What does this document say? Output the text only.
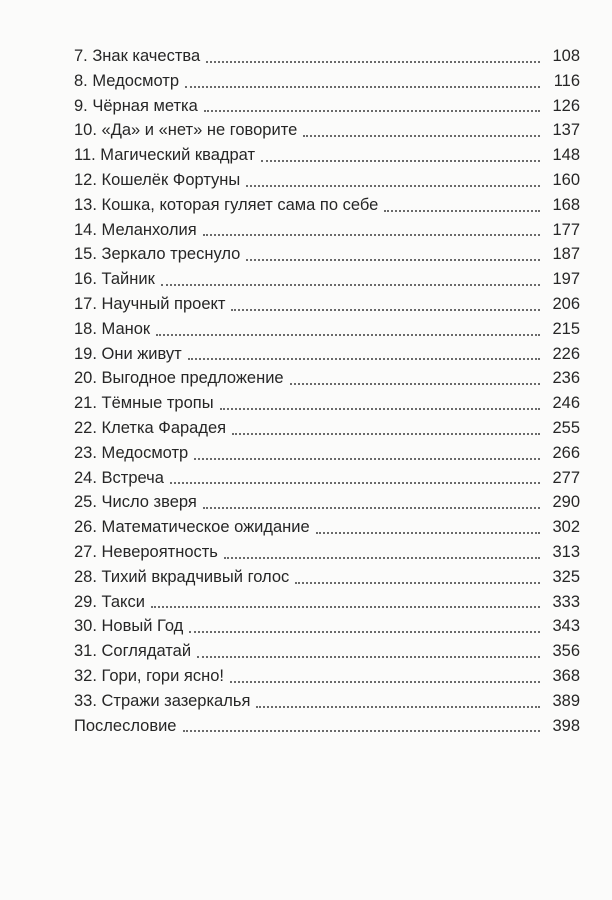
7. Знак качества	108
8. Медосмотр	116
9. Чёрная метка	126
10. «Да» и «нет» не говорите	137
11. Магический квадрат	148
12. Кошелёк Фортуны	160
13. Кошка, которая гуляет сама по себе	168
14. Меланхолия	177
15. Зеркало треснуло	187
16. Тайник	197
17. Научный проект	206
18. Манок	215
19. Они живут	226
20. Выгодное предложение	236
21. Тёмные тропы	246
22. Клетка Фарадея	255
23. Медосмотр	266
24. Встреча	277
25. Число зверя	290
26. Математическое ожидание	302
27. Невероятность	313
28. Тихий вкрадчивый голос	325
29. Такси	333
30. Новый Год	343
31. Соглядатай	356
32. Гори, гори ясно!	368
33. Стражи зазеркалья	389
Послесловие	398
